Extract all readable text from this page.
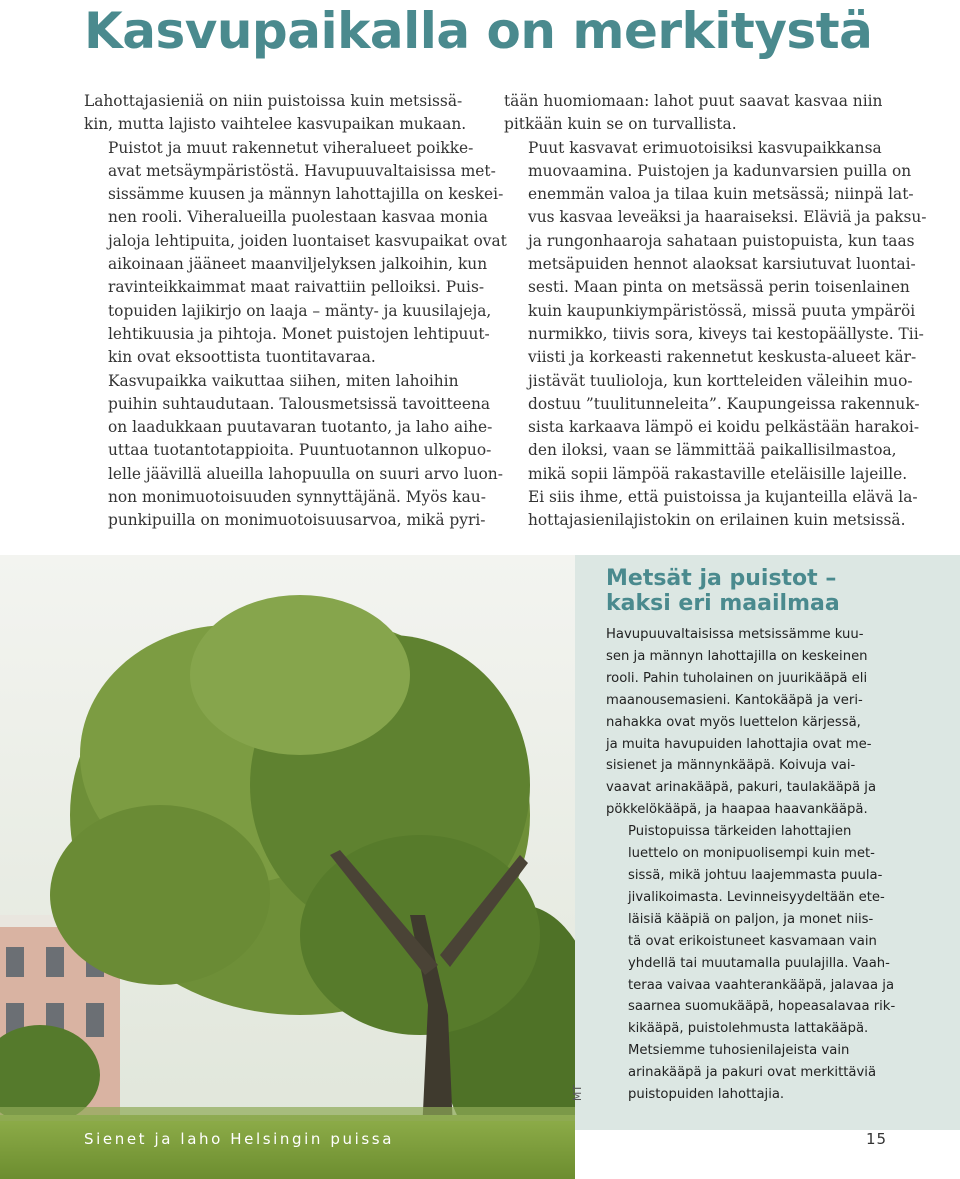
Kasvupaikalla on merkitystä

Lahottajasieniä on niin puistoissa kuin metsissä-
kin, mutta lajisto vaihtelee kasvupaikan mukaan.

Puistot ja muut rakennetut viheralueet poikke-
avat metsäympäristöstä. Havupuuvaltaisissa met-
sissämme kuusen ja männyn lahottajilla on keskei-
nen rooli. Viheralueilla puolestaan kasvaa monia
jaloja lehtipuita, joiden luontaiset kasvupaikat ovat
aikoinaan jääneet maanviljelyksen jalkoihin, kun
ravinteikkaimmat maat raivattiin pelloiksi. Puis-
topuiden lajikirjo on laaja – mänty- ja kuusilajeja,
lehtikuusia ja pihtoja. Monet puistojen lehtipuut-
kin ovat eksoottista tuontitavaraa.

Kasvupaikka vaikuttaa siihen, miten lahoihin
puihin suhtaudutaan. Talousmetsissä tavoitteena
on laadukkaan puutavaran tuotanto, ja laho aihe-
uttaa tuotantotappioita. Puuntuotannon ulkopuo-
lelle jäävillä alueilla lahopuulla on suuri arvo luon-
non monimuotoisuuden synnyttäjänä. Myös kau-
punkipuilla on monimuotoisuusarvoa, mikä pyri-

tään huomiomaan: lahot puut saavat kasvaa niin
pitkään kuin se on turvallista.

Puut kasvavat erimuotoisiksi kasvupaikkansa
muovaamina. Puistojen ja kadunvarsien puilla on
enemmän valoa ja tilaa kuin metsässä; niinpä lat-
vus kasvaa leveäksi ja haaraiseksi. Eläviä ja paksu-
ja rungonhaaroja sahataan puistopuista, kun taas
metsäpuiden hennot alaoksat karsiutuvat luontai-
sesti. Maan pinta on metsässä perin toisenlainen
kuin kaupunkiympäristössä, missä puuta ympäröi
nurmikko, tiivis sora, kiveys tai kestopäällyste. Tii-
viisti ja korkeasti rakennetut keskusta-alueet kär-
jistävät tuulioloja, kun kortteleiden väleihin muo-
dostuu ”tuulitunneleita”. Kaupungeissa rakennuk-
sista karkaava lämpö ei koidu pelkästään harakoi-
den iloksi, vaan se lämmittää paikallisilmastoa,
mikä sopii lämpöä rakastaville eteläisille lajeille.
Ei siis ihme, että puistoissa ja kujanteilla elävä la-
hottajasienilajistokin on erilainen kuin metsissä.

Metsät ja puistot –
kaksi eri maailmaa

Havupuuvaltaisissa metsissämme kuu-
sen ja männyn lahottajilla on keskeinen
rooli. Pahin tuholainen on juurikääpä eli
maanousemasieni. Kantokääpä ja veri-
nahakka ovat myös luettelon kärjessä,
ja muita havupuiden lahottajia ovat me-
sisienet ja männynkääpä. Koivuja vai-
vaavat arinakääpä, pakuri, taulakääpä ja
pökkelökääpä, ja haapaa haavankääpä.

Puistopuissa tärkeiden lahottajien
luettelo on monipuolisempi kuin met-
sissä, mikä johtuu laajemmasta puula-
jivalikoimasta. Levinneisyydeltään ete-
läisiä kääpiä on paljon, ja monet niis-
tä ovat erikoistuneet kasvamaan vain
yhdellä tai muutamalla puulajilla. Vaah-
teraa vaivaa vaahterankääpä, jalavaa ja
saarnea suomukääpä, hopeasalavaa rik-
kikääpä, puistolehmusta lattakääpä.

Metsiemme tuhosienilajeista vain
arinakääpä ja pakuri ovat merkittäviä
puistopuiden lahottajia.

MT
Sienet ja laho Helsingin puissa	15
